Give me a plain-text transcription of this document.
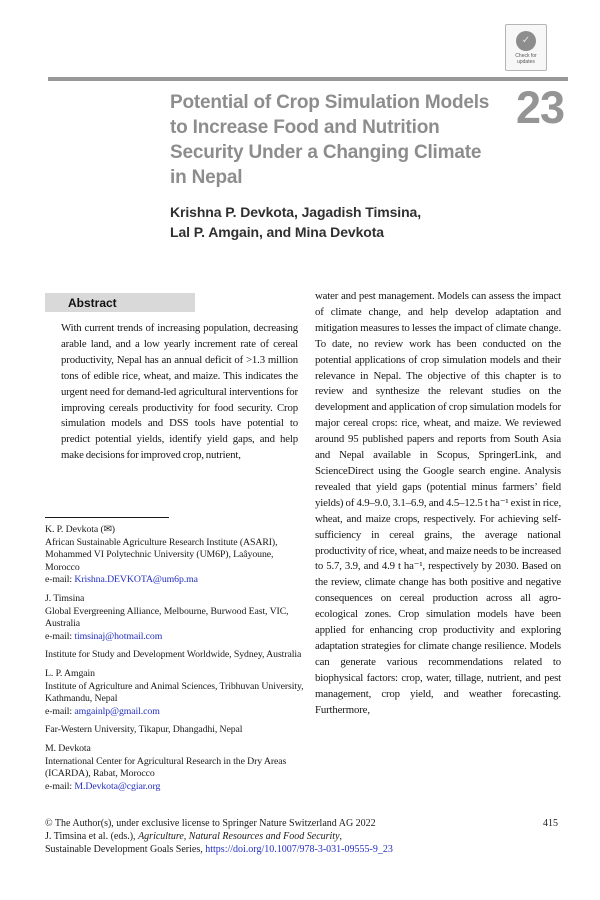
✓
Check for
updates
23
Potential of Crop Simulation Models
to Increase Food and Nutrition
Security Under a Changing Climate
in Nepal
Krishna P. Devkota, Jagadish Timsina,
Lal P. Amgain, and Mina Devkota
Abstract
With current trends of increasing population, decreasing arable land, and a low yearly increment rate of cereal productivity, Nepal has an annual deficit of >1.3 million tons of edible rice, wheat, and maize. This indicates the urgent need for demand-led agricultural interventions for improving cereals productivity for food security. Crop simulation models and DSS tools have potential to predict potential yields, identify yield gaps, and help make decisions for improved crop, nutrient,
water and pest management. Models can assess the impact of climate change, and help develop adaptation and mitigation measures to lesses the impact of climate change. To date, no review work has been conducted on the potential applications of crop simulation models and their relevance in Nepal. The objective of this chapter is to review and synthesize the relevant studies on the development and application of crop simulation models for major cereal crops: rice, wheat, and maize. We reviewed around 95 published papers and reports from South Asia and Nepal available in Scopus, SpringerLink, and ScienceDirect using the Google search engine. Analysis revealed that yield gaps (potential minus farmers’ field yields) of 4.9–9.0, 3.1–6.9, and 4.5–12.5 t ha⁻¹ exist in rice, wheat, and maize crops, respectively. For achieving self-sufficiency in cereal grains, the average national productivity of rice, wheat, and maize needs to be increased to 5.7, 3.9, and 4.9 t ha⁻¹, respectively by 2030. Based on the review, climate change has both positive and negative consequences on cereal production across all agro-ecological zones. Crop simulation models have been applied for enhancing crop productivity and exploring adaptation strategies for climate change resilience. Models can generate various recommendations related to biophysical factors: crop, water, tillage, nutrient, and pest management, crop yield, and weather forecasting. Furthermore,
K. P. Devkota (✉)
African Sustainable Agriculture Research Institute (ASARI), Mohammed VI Polytechnic University (UM6P), Laâyoune, Morocco
e-mail: Krishna.DEVKOTA@um6p.ma
J. Timsina
Global Evergreening Alliance, Melbourne, Burwood East, VIC, Australia
e-mail: timsinaj@hotmail.com
Institute for Study and Development Worldwide, Sydney, Australia
L. P. Amgain
Institute of Agriculture and Animal Sciences, Tribhuvan University, Kathmandu, Nepal
e-mail: amgainlp@gmail.com
Far-Western University, Tikapur, Dhangadhi, Nepal
M. Devkota
International Center for Agricultural Research in the Dry Areas (ICARDA), Rabat, Morocco
e-mail: M.Devkota@cgiar.org
© The Author(s), under exclusive license to Springer Nature Switzerland AG 2022	415
J. Timsina et al. (eds.), Agriculture, Natural Resources and Food Security,
Sustainable Development Goals Series, https://doi.org/10.1007/978-3-031-09555-9_23
